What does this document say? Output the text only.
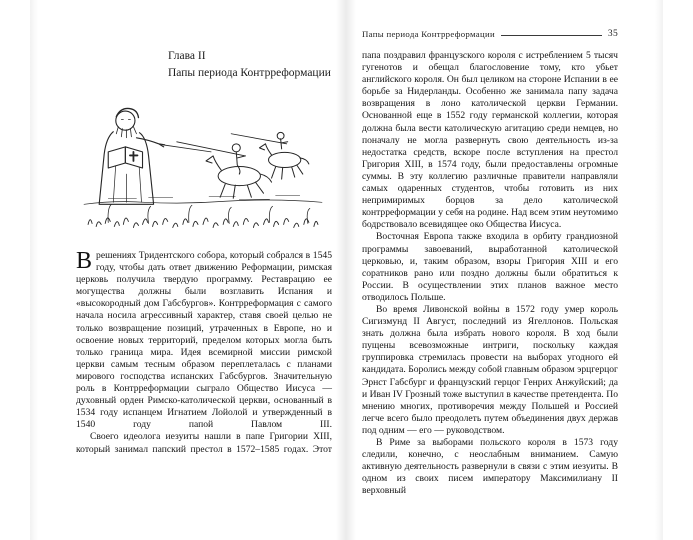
Глава II
Папы периода Контрреформации

Врешениях Тридентского собора, который собрался в 1545 году, чтобы дать ответ движению Реформации, римская церковь получила твердую программу. Реставрацию ее могущества должны были возглавить Испания и «высокородный дом Габсбургов». Контрреформация с самого начала носила агрессивный характер, ставя своей целью не только возвращение позиций, утраченных в Европе, но и освоение новых территорий, пределом которых могла быть только граница мира. Идея всемирной миссии римской церкви самым тесным образом переплеталась с планами мирового господства испанских Габсбургов. Значительную роль в Контрреформации сыграло Общество Иисуса — духовный орден Римско-католической церкви, основанный в 1534 году испанцем Игнатием Лойолой и утвержденный в 1540 году папой Павлом III.

Своего идеолога иезуиты нашли в папе Григории XIII, который занимал папский престол в 1572–1585 годах. Этот

Папы периода Контрреформации	35

папа поздравил французского короля с истреблением 5 тысяч гугенотов и обещал благословение тому, кто убьет английского короля. Он был целиком на стороне Испании в ее борьбе за Нидерланды. Особенно же занимала папу задача возвращения в лоно католической церкви Германии. Основанной еще в 1552 году германской коллегии, которая должна была вести католическую агитацию среди немцев, но поначалу не могла развернуть свою деятельность из-за недостатка средств, вскоре после вступления на престол Григория XIII, в 1574 году, были предоставлены огромные суммы. В эту коллегию различные правители направляли самых одаренных студентов, чтобы готовить из них непримиримых борцов за дело католической контрреформации у себя на родине. Над всем этим неутомимо бодрствовало всевидящее око Общества Иисуса.

Восточная Европа также входила в орбиту грандиозной программы завоеваний, выработанной католической церковью, и, таким образом, взоры Григория XIII и его соратников рано или поздно должны были обратиться к России. В осуществлении этих планов важное место отводилось Польше.

Во время Ливонской войны в 1572 году умер король Сигизмунд II Август, последний из Ягеллонов. Польская знать должна была избрать нового короля. В ход были пущены всевозможные интриги, поскольку каждая группировка стремилась провести на выборах угодного ей кандидата. Боролись между собой главным образом эрцгерцог Эрнст Габсбург и французский герцог Генрих Анжуйский; да и Иван IV Грозный тоже выступил в качестве претендента. По мнению многих, противоречия между Польшей и Россией легче всего было преодолеть путем объединения двух держав под одним — его — руководством.

В Риме за выборами польского короля в 1573 году следили, конечно, с неослабным вниманием. Самую активную деятельность развернули в связи с этим иезуиты. В одном из своих писем императору Максимилиану II верховный
